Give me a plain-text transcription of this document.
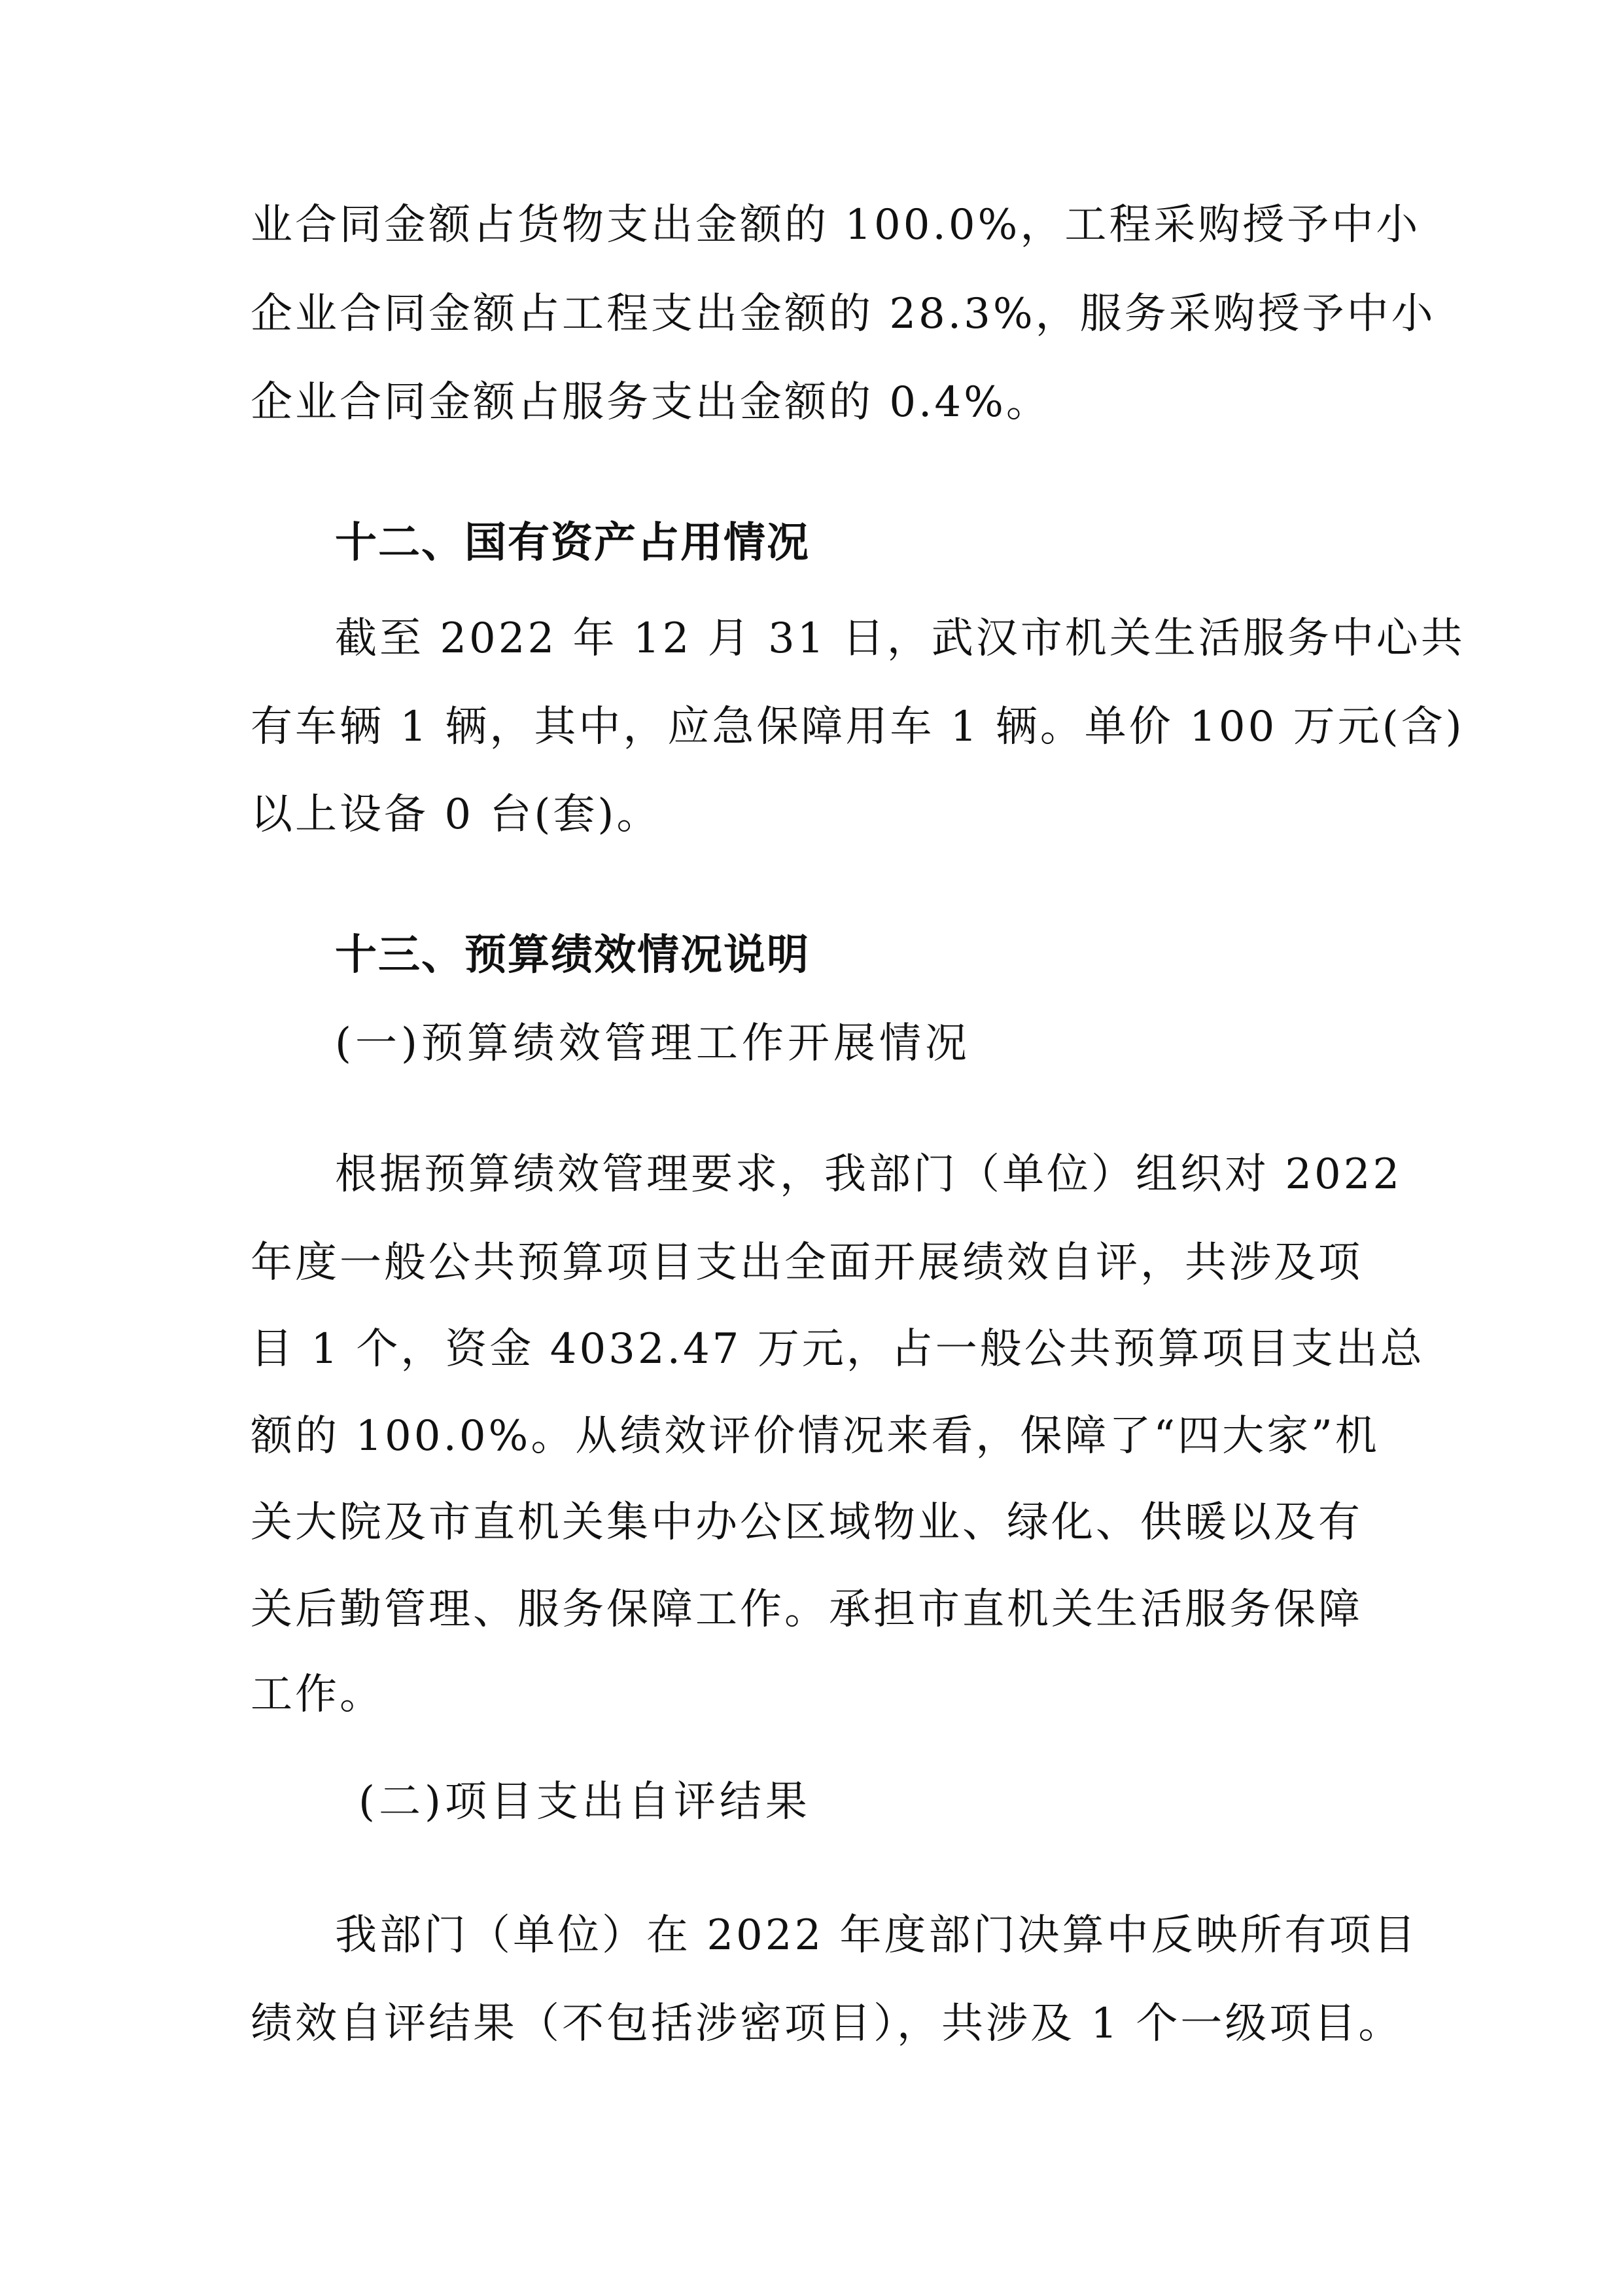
业合同金额占货物支出金额的 100.0%，工程采购授予中小
企业合同金额占工程支出金额的 28.3%，服务采购授予中小
企业合同金额占服务支出金额的 0.4%。
十二、国有资产占用情况
截至 2022 年 12 月 31 日，武汉市机关生活服务中心共
有车辆 1 辆，其中，应急保障用车 1 辆。单价 100 万元(含)
以上设备 0 台(套)。
十三、预算绩效情况说明
(一)预算绩效管理工作开展情况
根据预算绩效管理要求，我部门（单位）组织对 2022
年度一般公共预算项目支出全面开展绩效自评，共涉及项
目 1 个，资金 4032.47 万元，占一般公共预算项目支出总
额的 100.0%。从绩效评价情况来看，保障了“四大家”机
关大院及市直机关集中办公区域物业、绿化、供暖以及有
关后勤管理、服务保障工作。承担市直机关生活服务保障
工作。
(二)项目支出自评结果
我部门（单位）在 2022 年度部门决算中反映所有项目
绩效自评结果（不包括涉密项目），共涉及 1 个一级项目。
